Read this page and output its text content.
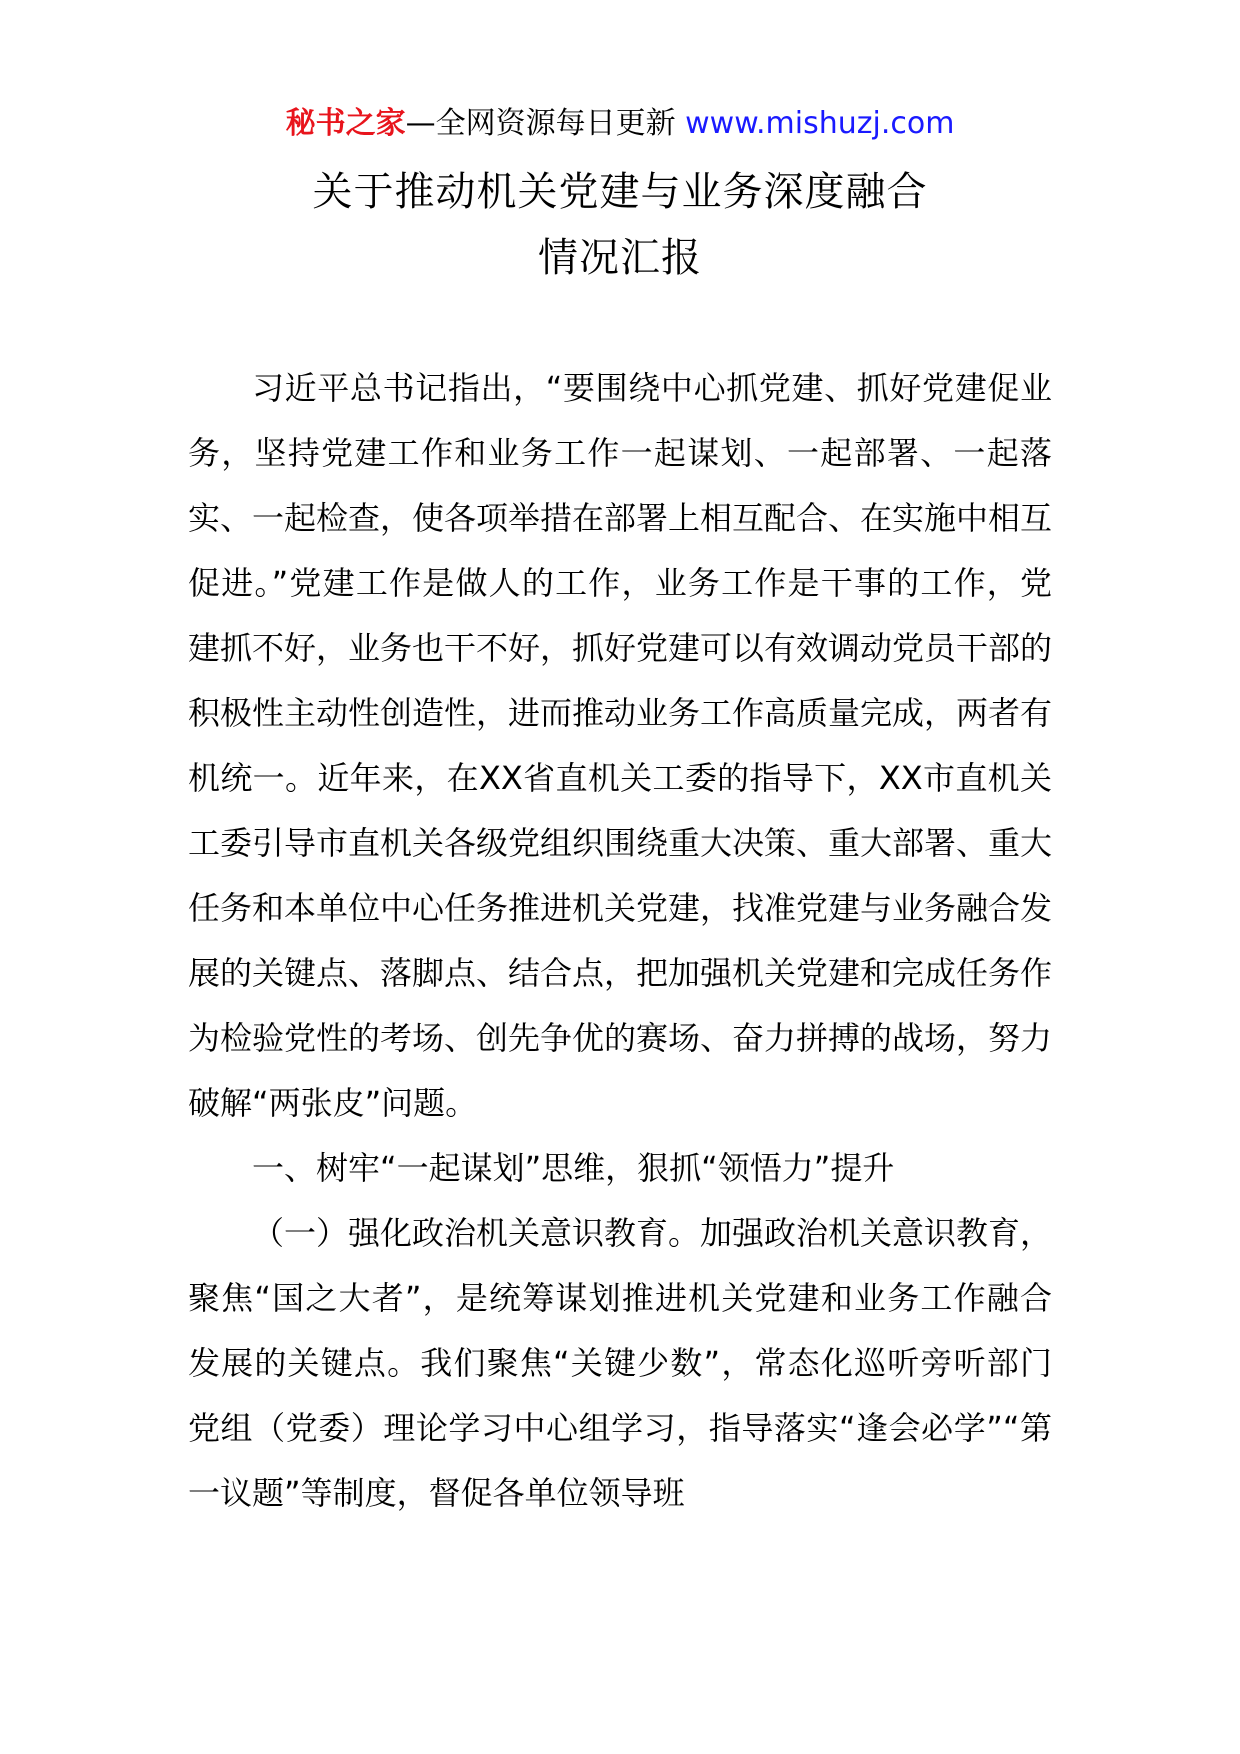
秘书之家—全网资源每日更新 www.mishuzj.com
关于推动机关党建与业务深度融合
情况汇报

习近平总书记指出，“要围绕中心抓党建、抓好党建促业务，坚持党建工作和业务工作一起谋划、一起部署、一起落实、一起检查，使各项举措在部署上相互配合、在实施中相互促进。”党建工作是做人的工作，业务工作是干事的工作，党建抓不好，业务也干不好，抓好党建可以有效调动党员干部的积极性主动性创造性，进而推动业务工作高质量完成，两者有机统一。近年来，在XX省直机关工委的指导下，XX市直机关工委引导市直机关各级党组织围绕重大决策、重大部署、重大任务和本单位中心任务推进机关党建，找准党建与业务融合发展的关键点、落脚点、结合点，把加强机关党建和完成任务作为检验党性的考场、创先争优的赛场、奋力拼搏的战场，努力破解“两张皮”问题。

一、树牢“一起谋划”思维，狠抓“领悟力”提升

（一）强化政治机关意识教育。加强政治机关意识教育，聚焦“国之大者”，是统筹谋划推进机关党建和业务工作融合发展的关键点。我们聚焦“关键少数”，常态化巡听旁听部门党组（党委）理论学习中心组学习，指导落实“逢会必学”“第一议题”等制度，督促各单位领导班
